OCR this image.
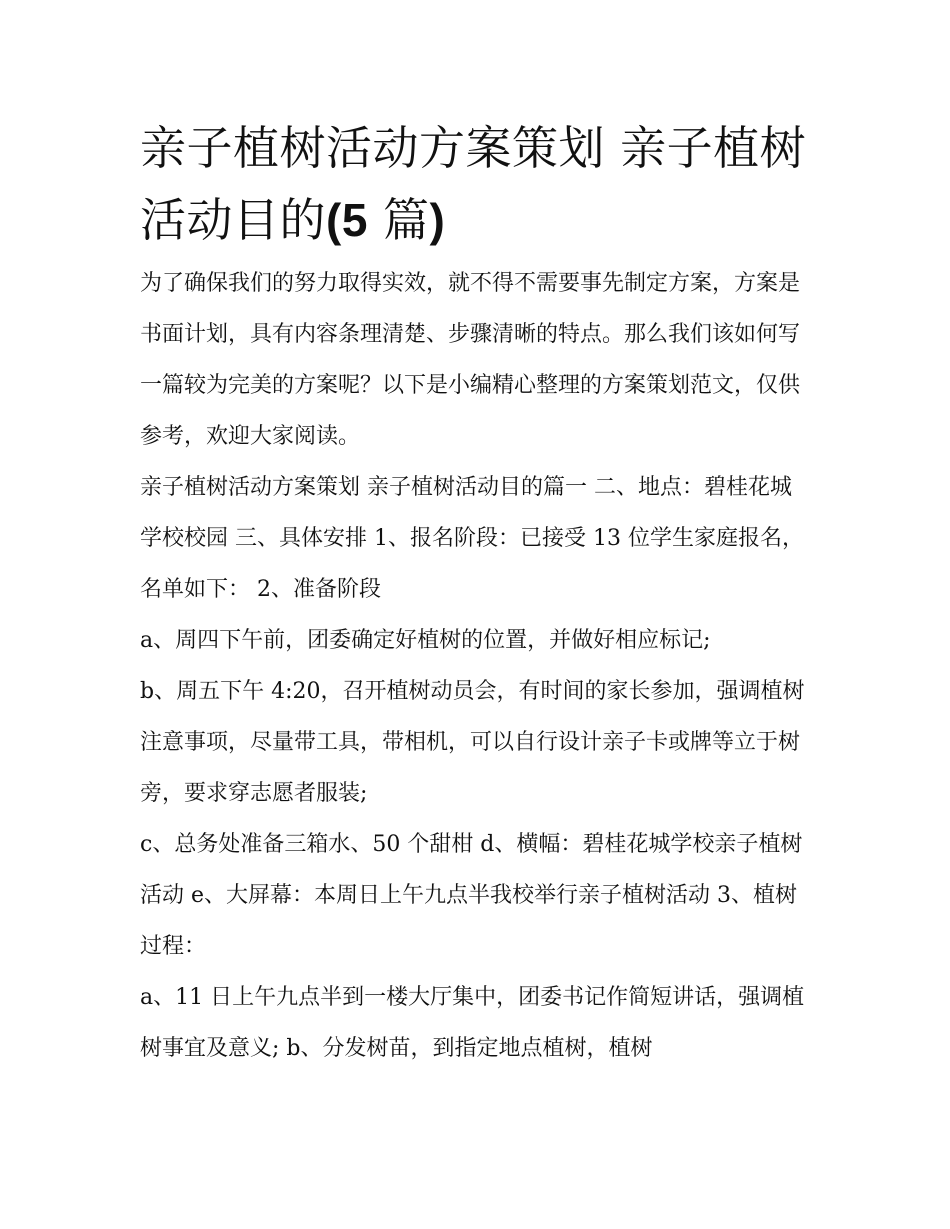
亲子植树活动方案策划 亲子植树活动目的(5 篇)

为了确保我们的努力取得实效，就不得不需要事先制定方案，方案是书面计划，具有内容条理清楚、步骤清晰的特点。那么我们该如何写一篇较为完美的方案呢？以下是小编精心整理的方案策划范文，仅供参考，欢迎大家阅读。

亲子植树活动方案策划 亲子植树活动目的篇一 二、地点：碧桂花城学校校园 三、具体安排 1、报名阶段：已接受 13 位学生家庭报名，名单如下： 2、准备阶段

a、周四下午前，团委确定好植树的位置，并做好相应标记;

b、周五下午 4:20，召开植树动员会，有时间的家长参加，强调植树注意事项，尽量带工具，带相机，可以自行设计亲子卡或牌等立于树旁，要求穿志愿者服装;

c、总务处准备三箱水、50 个甜柑 d、横幅：碧桂花城学校亲子植树活动 e、大屏幕：本周日上午九点半我校举行亲子植树活动 3、植树过程：

a、11 日上午九点半到一楼大厅集中，团委书记作简短讲话，强调植树事宜及意义; b、分发树苗，到指定地点植树，植树
